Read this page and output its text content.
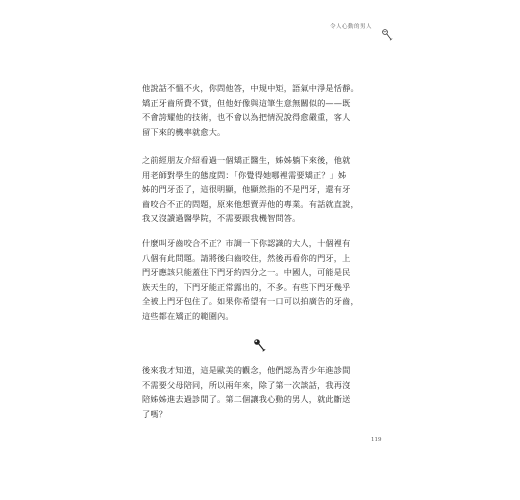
令人心動的男人

他說話不慍不火，你問他答，中規中矩，語氣中淨是恬靜。
矯正牙齒所費不貲，但他好像與這筆生意無關似的——既
不會誇耀他的技術，也不會以為把情況說得愈嚴重，客人
留下來的機率就愈大。

之前經朋友介紹看過一個矯正醫生，姊姊躺下來後，他就
用老師對學生的態度問：「你覺得她哪裡需要矯正？」姊
姊的門牙歪了，這很明顯，他顯然指的不是門牙，還有牙
齒咬合不正的問題，原來他想賣弄他的專業。有話就直說，
我又沒讀過醫學院，不需要跟我機智問答。

什麼叫牙齒咬合不正？市調一下你認識的大人，十個裡有
八個有此問題。請將後臼齒咬住，然後再看你的門牙，上
門牙應該只能蓋住下門牙約四分之一。中國人，可能是民
族天生的，下門牙能正常露出的，不多。有些下門牙幾乎
全被上門牙包住了。如果你希望有一口可以拍廣告的牙齒，
這些都在矯正的範圍內。

後來我才知道，這是歐美的觀念，他們認為青少年進診間
不需要父母陪同，所以兩年來，除了第一次談話，我再沒
陪姊姊進去過診間了。第二個讓我心動的男人，就此斷送
了嗎？

119
